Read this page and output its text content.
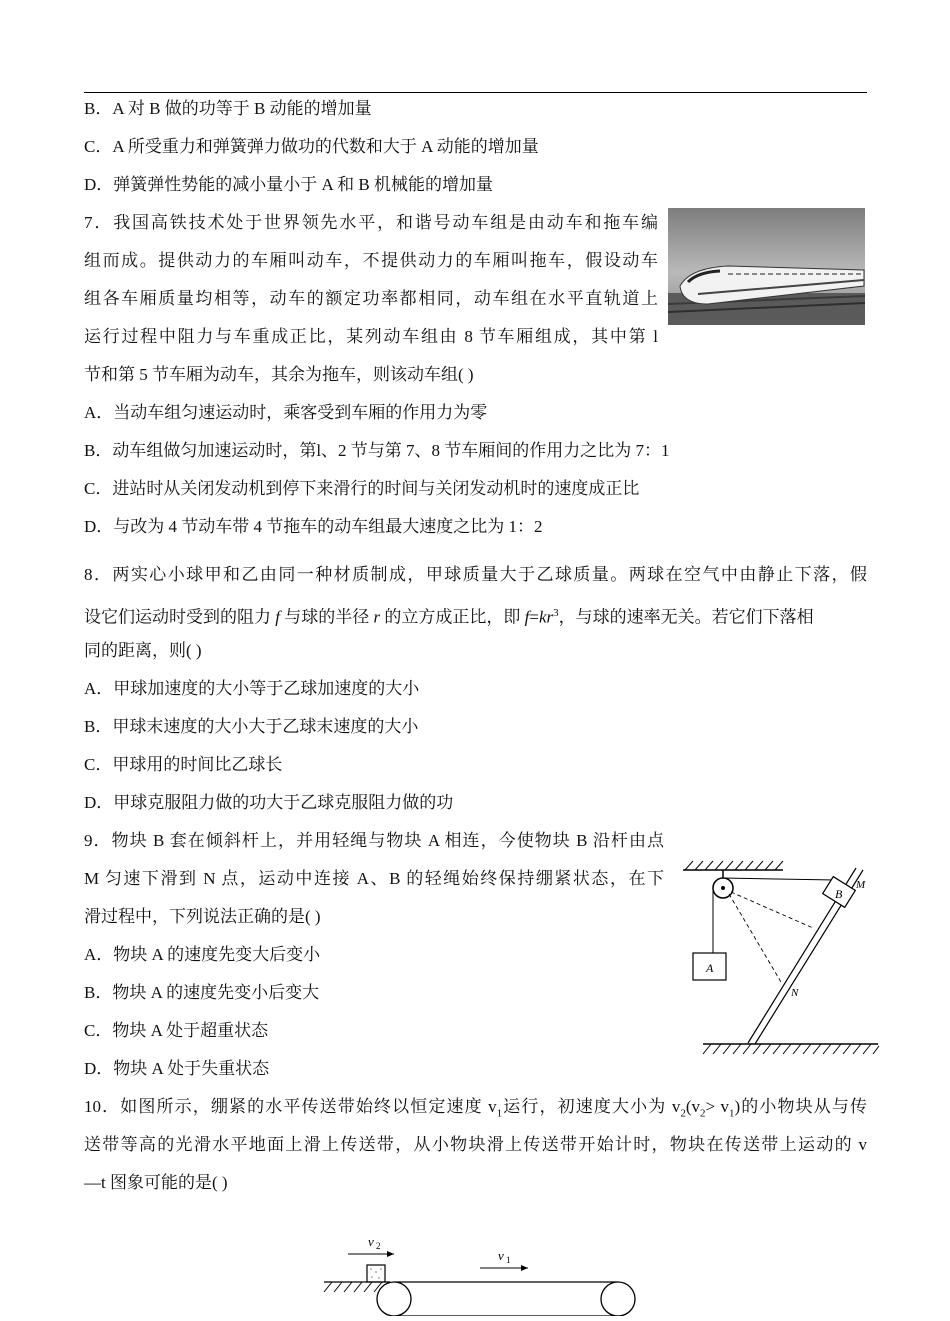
B．A 对 B 做的功等于 B 动能的增加量
C．A 所受重力和弹簧弹力做功的代数和大于 A 动能的增加量
D．弹簧弹性势能的减小量小于 A 和 B 机械能的增加量
7．我国高铁技术处于世界领先水平，和谐号动车组是由动车和拖车编
组而成。提供动力的车厢叫动车，不提供动力的车厢叫拖车，假设动车
组各车厢质量均相等，动车的额定功率都相同，动车组在水平直轨道上
运行过程中阻力与车重成正比，某列动车组由 8 节车厢组成，其中第 l
节和第 5 节车厢为动车，其余为拖车，则该动车组( )
A．当动车组匀速运动时，乘客受到车厢的作用力为零
B．动车组做匀加速运动时，第l、2 节与第 7、8 节车厢间的作用力之比为 7：1
C．进站时从关闭发动机到停下来滑行的时间与关闭发动机时的速度成正比
D．与改为 4 节动车带 4 节拖车的动车组最大速度之比为 1：2
8．两实心小球甲和乙由同一种材质制成，甲球质量大于乙球质量。两球在空气中由静止下落，假
设它们运动时受到的阻力 f 与球的半径 r 的立方成正比，即 $f=kr^3$，与球的速率无关。若它们下落相
同的距离，则( )
A．甲球加速度的大小等于乙球加速度的大小
B．甲球末速度的大小大于乙球末速度的大小
C．甲球用的时间比乙球长
D．甲球克服阻力做的功大于乙球克服阻力做的功
9．物块 B 套在倾斜杆上，并用轻绳与物块 A 相连，今使物块 B 沿杆由点
M 匀速下滑到 N 点，运动中连接 A、B 的轻绳始终保持绷紧状态，在下
滑过程中，下列说法正确的是( )
A．物块 A 的速度先变大后变小
B．物块 A 的速度先变小后变大
C．物块 A 处于超重状态
D．物块 A 处于失重状态
A
B
M
N
10．如图所示，绷紧的水平传送带始终以恒定速度 $v_1$运行，初速度大小为 $v_2(v_2> v_1)$的小物块从与传
送带等高的光滑水平地面上滑上传送带，从小物块滑上传送带开始计时，物块在传送带上运动的 v
—t 图象可能的是( )
v 2
v 1
